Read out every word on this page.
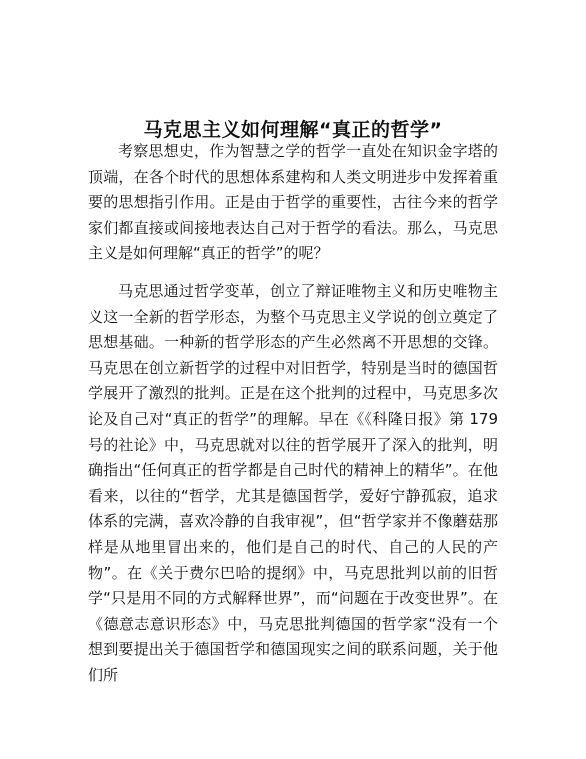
马克思主义如何理解“真正的哲学”

考察思想史，作为智慧之学的哲学一直处在知识金字塔的顶端，在各个时代的思想体系建构和人类文明进步中发挥着重要的思想指引作用。正是由于哲学的重要性，古往今来的哲学家们都直接或间接地表达自己对于哲学的看法。那么，马克思主义是如何理解“真正的哲学”的呢？

马克思通过哲学变革，创立了辩证唯物主义和历史唯物主义这一全新的哲学形态，为整个马克思主义学说的创立奠定了思想基础。一种新的哲学形态的产生必然离不开思想的交锋。马克思在创立新哲学的过程中对旧哲学，特别是当时的德国哲学展开了激烈的批判。正是在这个批判的过程中，马克思多次论及自己对“真正的哲学”的理解。早在《《科隆日报》第 179 号的社论》中，马克思就对以往的哲学展开了深入的批判，明确指出“任何真正的哲学都是自己时代的精神上的精华”。在他看来，以往的“哲学，尤其是德国哲学，爱好宁静孤寂，追求体系的完满，喜欢冷静的自我审视”，但“哲学家并不像蘑菇那样是从地里冒出来的，他们是自己的时代、自己的人民的产物”。在《关于费尔巴哈的提纲》中，马克思批判以前的旧哲学“只是用不同的方式解释世界”，而“问题在于改变世界”。在《德意志意识形态》中，马克思批判德国的哲学家“没有一个想到要提出关于德国哲学和德国现实之间的联系问题，关于他们所
